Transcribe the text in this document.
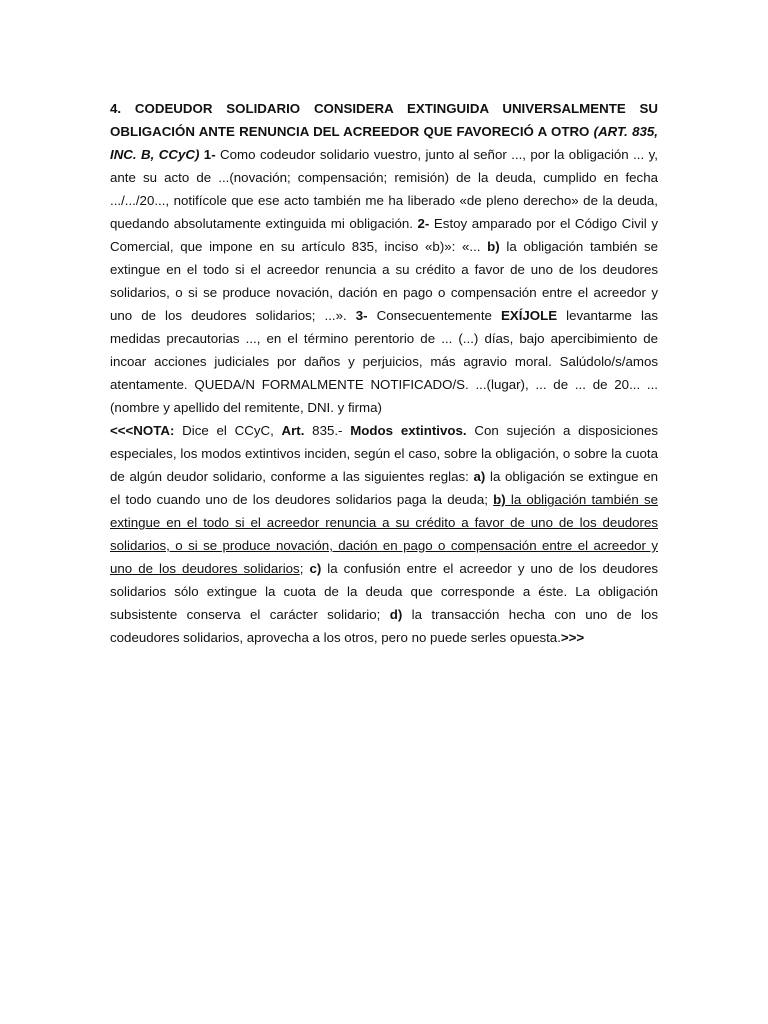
4. CODEUDOR SOLIDARIO CONSIDERA EXTINGUIDA UNIVERSALMENTE SU OBLIGACIÓN ANTE RENUNCIA DEL ACREEDOR QUE FAVORECIÓ A OTRO (ART. 835, INC. B, CCyC) 1- Como codeudor solidario vuestro, junto al señor ..., por la obligación ... y, ante su acto de ...(novación; compensación; remisión) de la deuda, cumplido en fecha .../.../20..., notifícole que ese acto también me ha liberado «de pleno derecho» de la deuda, quedando absolutamente extinguida mi obligación. 2- Estoy amparado por el Código Civil y Comercial, que impone en su artículo 835, inciso «b)»: «... b) la obligación también se extingue en el todo si el acreedor renuncia a su crédito a favor de uno de los deudores solidarios, o si se produce novación, dación en pago o compensación entre el acreedor y uno de los deudores solidarios; ...». 3- Consecuentemente EXÍJOLE levantarme las medidas precautorias ..., en el término perentorio de ... (...) días, bajo apercibimiento de incoar acciones judiciales por daños y perjuicios, más agravio moral. Salúdolo/s/amos atentamente. QUEDA/N FORMALMENTE NOTIFICADO/S. ...(lugar), ... de ... de 20... ...(nombre y apellido del remitente, DNI. y firma)

<<<NOTA: Dice el CCyC, Art. 835.- Modos extintivos. Con sujeción a disposiciones especiales, los modos extintivos inciden, según el caso, sobre la obligación, o sobre la cuota de algún deudor solidario, conforme a las siguientes reglas: a) la obligación se extingue en el todo cuando uno de los deudores solidarios paga la deuda; b) la obligación también se extingue en el todo si el acreedor renuncia a su crédito a favor de uno de los deudores solidarios, o si se produce novación, dación en pago o compensación entre el acreedor y uno de los deudores solidarios; c) la confusión entre el acreedor y uno de los deudores solidarios sólo extingue la cuota de la deuda que corresponde a éste. La obligación subsistente conserva el carácter solidario; d) la transacción hecha con uno de los codeudores solidarios, aprovecha a los otros, pero no puede serles opuesta.>>>
